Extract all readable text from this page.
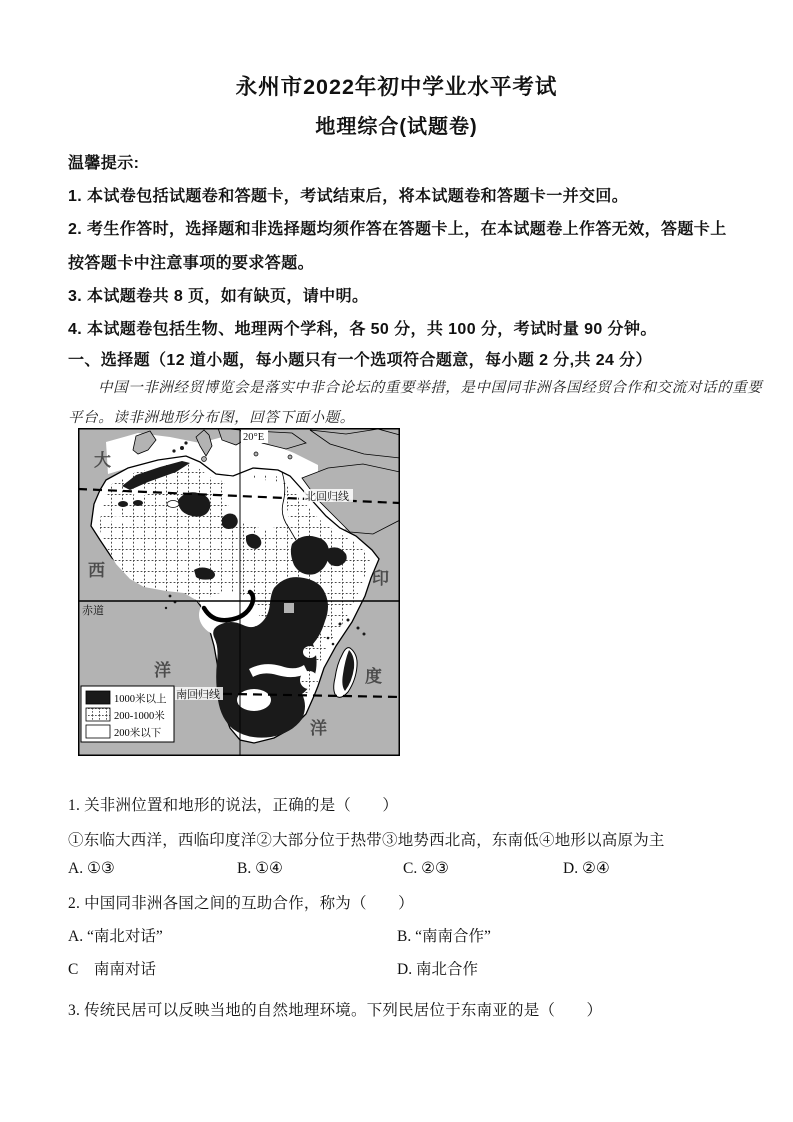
永州市2022年初中学业水平考试
地理综合(试题卷)
温馨提示:
1. 本试卷包括试题卷和答题卡，考试结束后，将本试题卷和答题卡一并交回。
2. 考生作答时，选择题和非选择题均须作答在答题卡上，在本试题卷上作答无效，答题卡上
按答题卡中注意事项的要求答题。
3. 本试题卷共 8 页，如有缺页，请中明。
4. 本试题卷包括生物、地理两个学科，各 50 分，共 100 分，考试时量 90 分钟。
一、选择题（12 道小题，每小题只有一个选项符合题意，每小题 2 分,共 24 分）
中国一非洲经贸博览会是落实中非合论坛的重要举措，是中国同非洲各国经贸合作和交流对话的重要
平台。读非洲地形分布图，回答下面小题。
20°E
北回归线
赤道
南回归线
大
西
洋
印
度
洋
1000米以上
200-1000米
200米以下
1. 关非洲位置和地形的说法，正确的是（　　）
①东临大西洋，西临印度洋②大部分位于热带③地势西北高，东南低④地形以高原为主
A. ①③	B. ①④	C. ②③	D. ②④
2. 中国同非洲各国之间的互助合作，称为（　　）
A. “南北对话”	B. “南南合作”
C　南南对话	D. 南北合作
3. 传统民居可以反映当地的自然地理环境。下列民居位于东南亚的是（　　）
